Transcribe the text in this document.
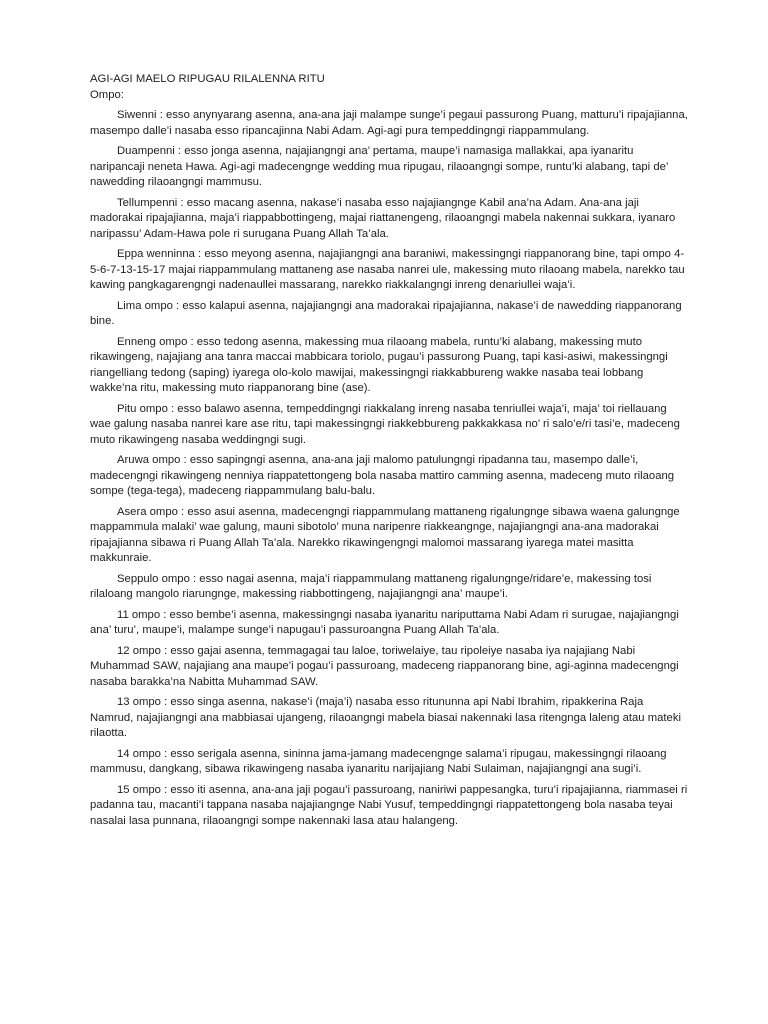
AGI-AGI MAELO RIPUGAU RILALENNA RITU
Ompo:

Siwenni : esso anynyarang asenna, ana-ana jaji malampe sunge’i pegaui passurong Puang, matturu’i ripajajianna, masempo dalle’i nasaba esso ripancajinna Nabi Adam. Agi-agi pura tempeddingngi riappammulang.

Duampenni : esso jonga asenna, najajiangngi ana’ pertama, maupe’i namasiga mallakkai, apa iyanaritu naripancaji neneta Hawa. Agi-agi madecengnge wedding mua ripugau, rilaoangngi sompe, runtu’ki alabang, tapi de’ nawedding rilaoangngi mammusu.

Tellumpenni : esso macang asenna, nakase’i nasaba esso najajiangnge Kabil ana’na Adam. Ana-ana jaji madorakai ripajajianna, maja’i riappabbottingeng, majai riattanengeng, rilaoangngi mabela nakennai sukkara, iyanaro naripassu’ Adam-Hawa pole ri surugana Puang Allah Ta’ala.

Eppa wenninna : esso meyong asenna, najajiangngi ana baraniwi, makessingngi riappanorang bine, tapi ompo 4-5-6-7-13-15-17 majai riappammulang mattaneng ase nasaba nanrei ule, makessing muto rilaoang mabela, narekko tau kawing pangkagarengngi nadenaullei massarang, narekko riakkalangngi inreng denariullei waja’i.

Lima ompo : esso kalapui asenna, najajiangngi ana madorakai ripajajianna, nakase’i de nawedding riappanorang bine.

Enneng ompo : esso tedong asenna, makessing mua rilaoang mabela, runtu’ki alabang, makessing muto rikawingeng, najajiang ana tanra maccai mabbicara toriolo, pugau’i passurong Puang, tapi kasi-asiwi, makessingngi riangelliang tedong (saping) iyarega olo-kolo mawijai, makessingngi riakkabbureng wakke nasaba teai lobbang wakke’na ritu, makessing muto riappanorang bine (ase).

Pitu ompo : esso balawo asenna, tempeddingngi riakkalang inreng nasaba tenriullei waja’i, maja’ toi riellauang wae galung nasaba nanrei kare ase ritu, tapi makessingngi riakkebbureng pakkakkasa no’ ri salo’e/ri tasi’e, madeceng muto rikawingeng nasaba weddingngi sugi.

Aruwa ompo : esso sapingngi asenna, ana-ana jaji malomo patulungngi ripadanna tau, masempo dalle’i, madecengngi rikawingeng nenniya riappatettongeng bola nasaba mattiro camming asenna, madeceng muto rilaoang sompe (tega-tega), madeceng riappammulang balu-balu.

Asera ompo : esso asui asenna, madecengngi riappammulang mattaneng rigalungnge sibawa waena galungnge mappammula malaki’ wae galung, mauni sibotolo’ muna naripenre riakkeangnge, najajiangngi ana-ana madorakai ripajajianna sibawa ri Puang Allah Ta’ala. Narekko rikawingengngi malomoi massarang iyarega matei masitta makkunraie.

Seppulo ompo : esso nagai asenna, maja’i riappammulang mattaneng rigalungnge/ridare’e, makessing tosi rilaloang mangolo riarungnge, makessing riabbottingeng, najajiangngi ana’ maupe’i.

11 ompo : esso bembe’i asenna, makessingngi nasaba iyanaritu nariputtama Nabi Adam ri surugae, najajiangngi ana’ turu’, maupe’i, malampe sunge’i napugau’i passuroangna Puang Allah Ta’ala.

12 ompo : esso gajai asenna, temmagagai tau laloe, toriwelaiye, tau ripoleiye nasaba iya najajiang Nabi Muhammad SAW, najajiang ana maupe’i pogau’i passuroang, madeceng riappanorang bine, agi-aginna madecengngi nasaba barakka’na Nabitta Muhammad SAW.

13 ompo : esso singa asenna, nakase’i (maja’i) nasaba esso ritununna api Nabi Ibrahim, ripakkerina Raja Namrud, najajiangngi ana mabbiasai ujangeng, rilaoangngi mabela biasai nakennaki lasa ritengnga laleng atau mateki rilaotta.

14 ompo : esso serigala asenna, sininna jama-jamang madecengnge salama’i ripugau, makessingngi rilaoang mammusu, dangkang, sibawa rikawingeng nasaba iyanaritu narijajiang Nabi Sulaiman, najajiangngi ana sugi’i.

15 ompo : esso iti asenna, ana-ana jaji pogau’i passuroang, naniriwi pappesangka, turu’i ripajajianna, riammasei ri padanna tau, macanti’i tappana nasaba najajiangnge Nabi Yusuf, tempeddingngi riappatettongeng bola nasaba teyai nasalai lasa punnana, rilaoangngi sompe nakennaki lasa atau halangeng.
